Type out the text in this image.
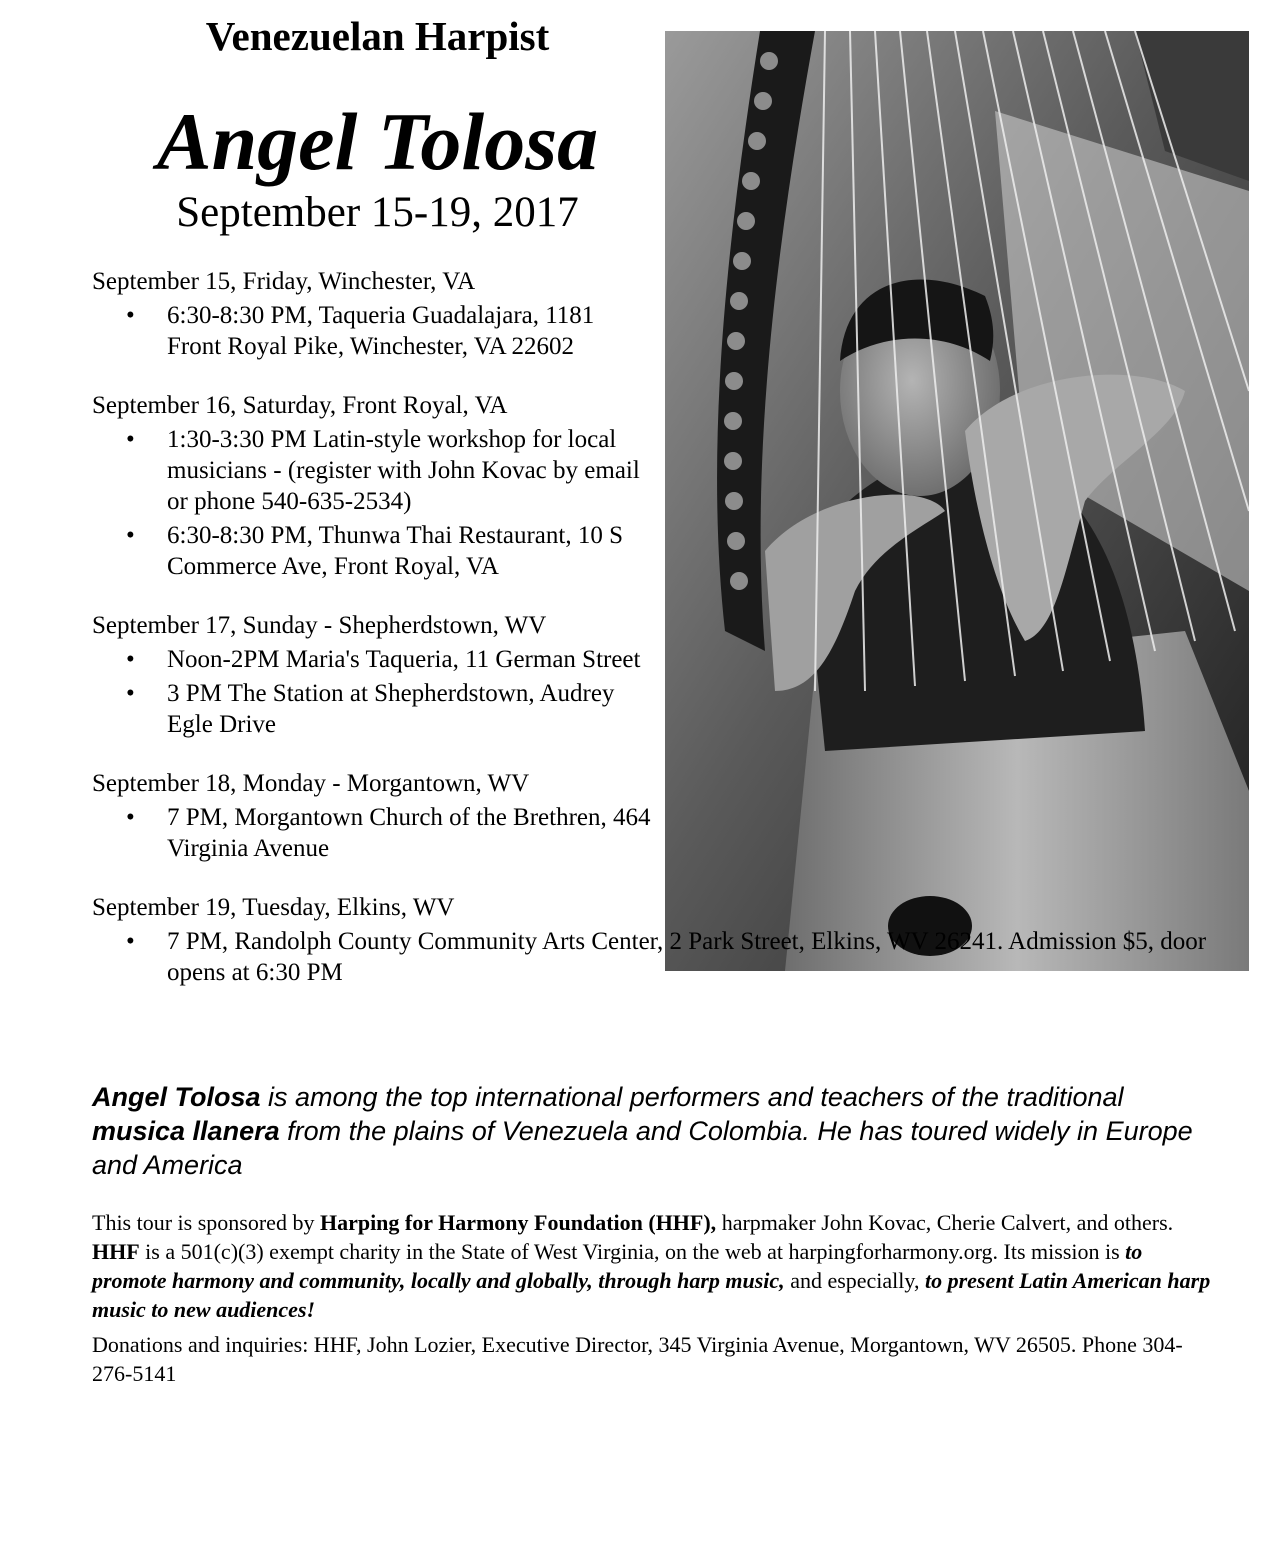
Venezuelan Harpist
Angel Tolosa
September 15-19, 2017
September 15, Friday, Winchester, VA
• 6:30-8:30 PM, Taqueria Guadalajara, 1181 Front Royal Pike, Winchester, VA 22602
September 16, Saturday, Front Royal, VA
• 1:30-3:30 PM Latin-style workshop for local musicians - (register with John Kovac by email or phone 540-635-2534)
• 6:30-8:30 PM, Thunwa Thai Restaurant, 10 S Commerce Ave, Front Royal, VA
September 17, Sunday - Shepherdstown, WV
• Noon-2PM Maria's Taqueria, 11 German Street
• 3 PM The Station at Shepherdstown, Audrey Egle Drive
September 18, Monday - Morgantown, WV
• 7 PM, Morgantown Church of the Brethren, 464 Virginia Avenue
September 19, Tuesday, Elkins, WV
• 7 PM, Randolph County Community Arts Center, 2 Park Street, Elkins, WV 26241. Admission $5, door opens at 6:30 PM
Angel Tolosa is among the top international performers and teachers of the traditional musica llanera from the plains of Venezuela and Colombia. He has toured widely in Europe and America
This tour is sponsored by Harping for Harmony Foundation (HHF), harpmaker John Kovac, Cherie Calvert, and others. HHF is a 501(c)(3) exempt charity in the State of West Virginia, on the web at harpingforharmony.org. Its mission is to promote harmony and community, locally and globally, through harp music, and especially, to present Latin American harp music to new audiences!
Donations and inquiries: HHF, John Lozier, Executive Director, 345 Virginia Avenue, Morgantown, WV 26505. Phone 304-276-5141
